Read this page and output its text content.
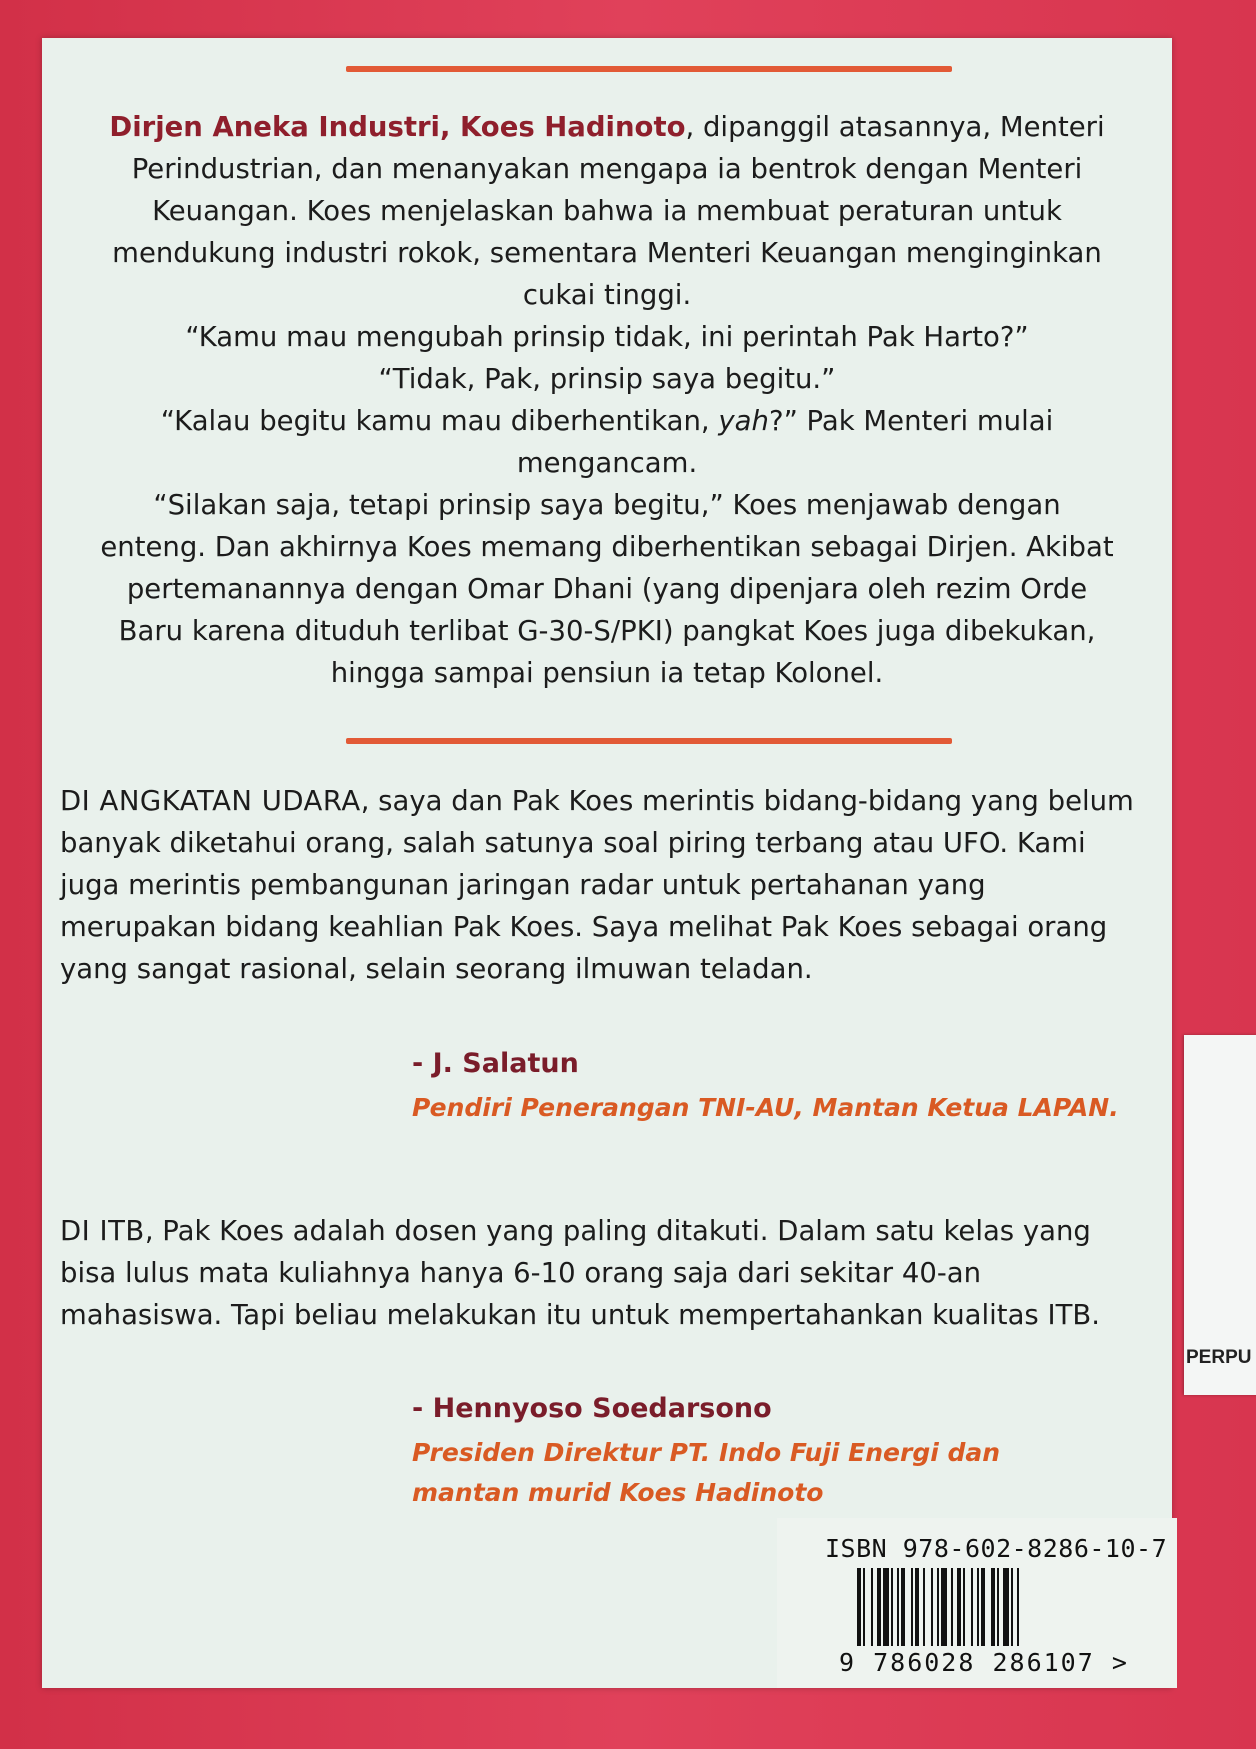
Dirjen Aneka Industri, Koes Hadinoto, dipanggil atasannya, Menteri Perindustrian, dan menanyakan mengapa ia bentrok dengan Menteri Keuangan. Koes menjelaskan bahwa ia membuat peraturan untuk mendukung industri rokok, sementara Menteri Keuangan menginginkan cukai tinggi.

“Kamu mau mengubah prinsip tidak, ini perintah Pak Harto?”

“Tidak, Pak, prinsip saya begitu.”

“Kalau begitu kamu mau diberhentikan, yah?” Pak Menteri mulai mengancam.

“Silakan saja, tetapi prinsip saya begitu,” Koes menjawab dengan enteng. Dan akhirnya Koes memang diberhentikan sebagai Dirjen. Akibat pertemanannya dengan Omar Dhani (yang dipenjara oleh rezim Orde Baru karena dituduh terlibat G-30-S/PKI) pangkat Koes juga dibekukan, hingga sampai pensiun ia tetap Kolonel.

DI ANGKATAN UDARA, saya dan Pak Koes merintis bidang-bidang yang belum banyak diketahui orang, salah satunya soal piring terbang atau UFO. Kami juga merintis pembangunan jaringan radar untuk pertahanan yang merupakan bidang keahlian Pak Koes. Saya melihat Pak Koes sebagai orang yang sangat rasional, selain seorang ilmuwan teladan.

- J. Salatun
Pendiri Penerangan TNI-AU, Mantan Ketua LAPAN.

DI ITB, Pak Koes adalah dosen yang paling ditakuti. Dalam satu kelas yang bisa lulus mata kuliahnya hanya 6-10 orang saja dari sekitar 40-an mahasiswa. Tapi beliau melakukan itu untuk mempertahankan kualitas ITB.

- Hennyoso Soedarsono
Presiden Direktur PT. Indo Fuji Energi dan
mantan murid Koes Hadinoto
ISBN 978-602-8286-10-7
9 786028 286107 >
PERPU
